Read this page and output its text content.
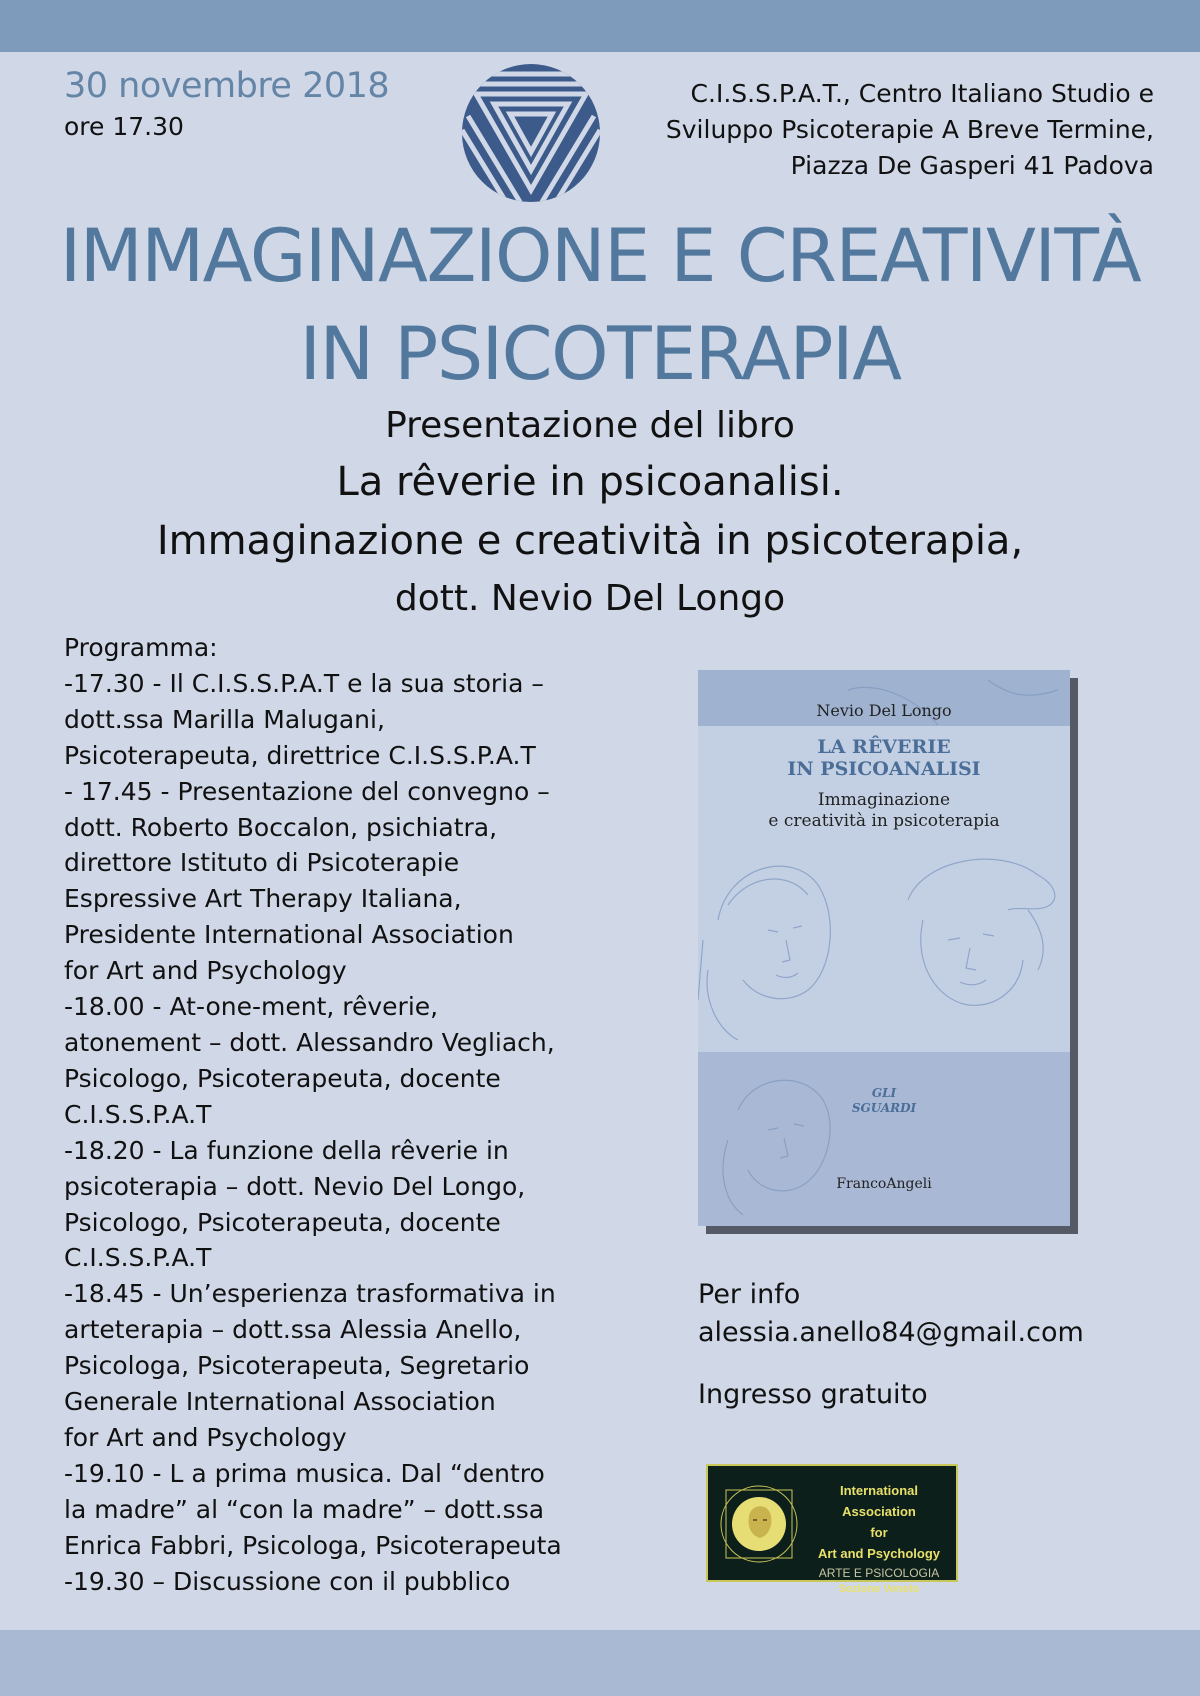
30 novembre 2018
ore 17.30
C.I.S.S.P.A.T., Centro Italiano Studio e
Sviluppo Psicoterapie A Breve Termine,
Piazza De Gasperi 41 Padova
IMMAGINAZIONE E CREATIVITÀ
IN PSICOTERAPIA
Presentazione del libro
La rêverie in psicoanalisi.
Immaginazione e creatività in psicoterapia,
dott. Nevio Del Longo
Programma:
-17.30 - Il C.I.S.S.P.A.T e la sua storia –
dott.ssa Marilla Malugani,
Psicoterapeuta, direttrice C.I.S.S.P.A.T
- 17.45 - Presentazione del convegno –
dott. Roberto Boccalon, psichiatra,
direttore Istituto di Psicoterapie
Espressive Art Therapy Italiana,
Presidente International Association
for Art and Psychology
-18.00 - At-one-ment, rêverie,
atonement – dott. Alessandro Vegliach,
Psicologo, Psicoterapeuta, docente
C.I.S.S.P.A.T
-18.20 - La funzione della rêverie in
psicoterapia – dott. Nevio Del Longo,
Psicologo, Psicoterapeuta, docente
C.I.S.S.P.A.T
-18.45 - Un’esperienza trasformativa in
arteterapia – dott.ssa Alessia Anello,
Psicologa, Psicoterapeuta, Segretario
Generale International Association
for Art and Psychology
-19.10 - L a prima musica. Dal “dentro
la madre” al “con la madre” – dott.ssa
Enrica Fabbri, Psicologa, Psicoterapeuta
-19.30 – Discussione con il pubblico
Nevio Del Longo
LA RÊVERIE
IN PSICOANALISI
Immaginazione
e creatività in psicoterapia
GLI
SGUARDI
FrancoAngeli
Per info
alessia.anello84@gmail.com
Ingresso gratuito
International Association
for
Art and Psychology
ARTE E PSICOLOGIA
Sezione Veneto
